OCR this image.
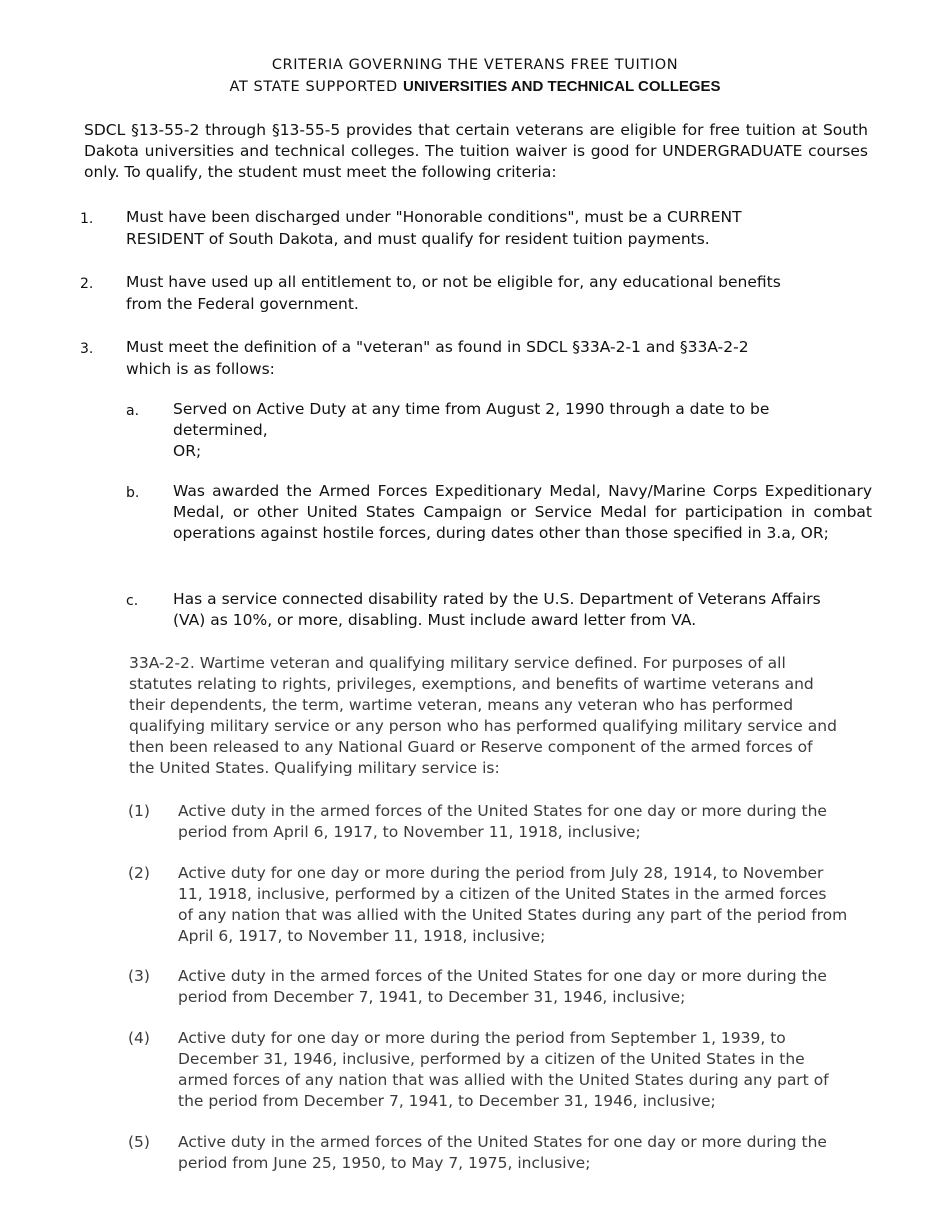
CRITERIA GOVERNING THE VETERANS FREE TUITION
AT STATE SUPPORTED UNIVERSITIES AND TECHNICAL COLLEGES
SDCL §13-55-2 through §13-55-5 provides that certain veterans are eligible for free tuition at South Dakota universities and technical colleges. The tuition waiver is good for UNDERGRADUATE courses only. To qualify, the student must meet the following criteria:
1. Must have been discharged under "Honorable conditions", must be a CURRENT
RESIDENT of South Dakota, and must qualify for resident tuition payments.
2. Must have used up all entitlement to, or not be eligible for, any educational benefits
from the Federal government.
3. Must meet the definition of a "veteran" as found in SDCL §33A-2-1 and §33A-2-2
which is as follows:
a. Served on Active Duty at any time from August 2, 1990 through a date to be
determined,
OR;
b. Was awarded the Armed Forces Expeditionary Medal, Navy/Marine Corps Expeditionary Medal, or other United States Campaign or Service Medal for participation in combat operations against hostile forces, during dates other than those specified in 3.a, OR;
c. Has a service connected disability rated by the U.S. Department of Veterans Affairs
(VA) as 10%, or more, disabling. Must include award letter from VA.
33A-2-2. Wartime veteran and qualifying military service defined. For purposes of all
statutes relating to rights, privileges, exemptions, and benefits of wartime veterans and
their dependents, the term, wartime veteran, means any veteran who has performed
qualifying military service or any person who has performed qualifying military service and
then been released to any National Guard or Reserve component of the armed forces of
the United States. Qualifying military service is:
(1) Active duty in the armed forces of the United States for one day or more during the
period from April 6, 1917, to November 11, 1918, inclusive;
(2) Active duty for one day or more during the period from July 28, 1914, to November
11, 1918, inclusive, performed by a citizen of the United States in the armed forces
of any nation that was allied with the United States during any part of the period from
April 6, 1917, to November 11, 1918, inclusive;
(3) Active duty in the armed forces of the United States for one day or more during the
period from December 7, 1941, to December 31, 1946, inclusive;
(4) Active duty for one day or more during the period from September 1, 1939, to
December 31, 1946, inclusive, performed by a citizen of the United States in the
armed forces of any nation that was allied with the United States during any part of
the period from December 7, 1941, to December 31, 1946, inclusive;
(5) Active duty in the armed forces of the United States for one day or more during the
period from June 25, 1950, to May 7, 1975, inclusive;
